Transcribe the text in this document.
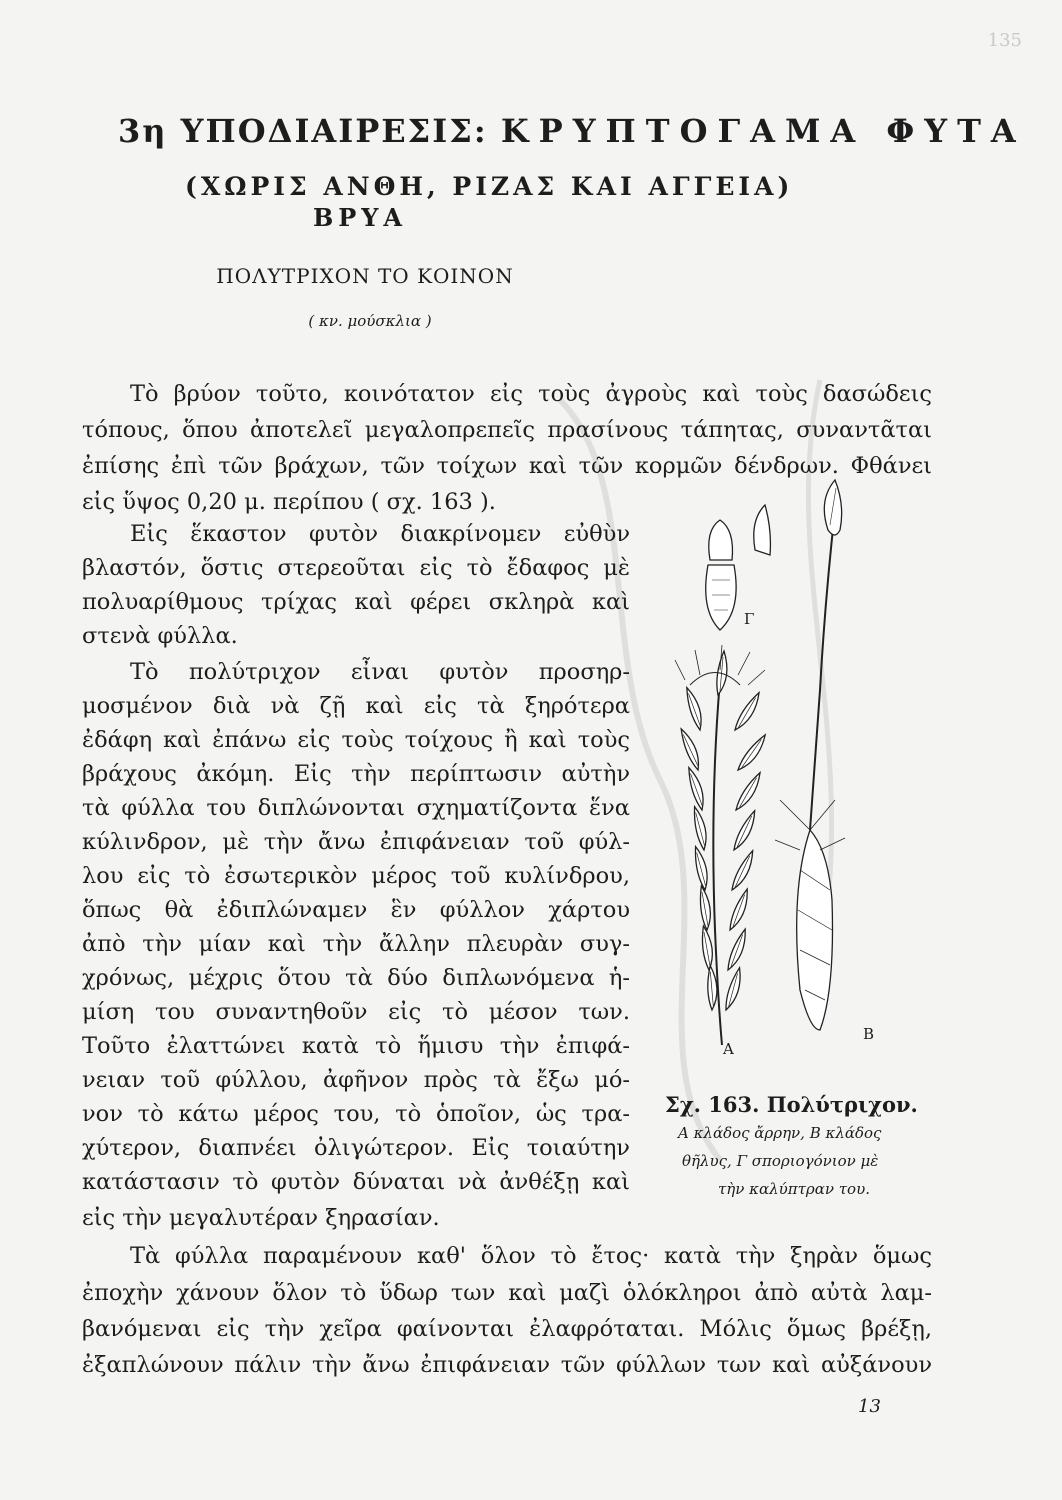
135
3η ΥΠΟΔΙΑΙΡΕΣΙΣ: ΚΡΥΠΤΟΓΑΜΑ ΦΥΤΑ
(ΧΩΡΙΣ ΑΝΘΗ, ΡΙΖΑΣ ΚΑΙ ΑΓΓΕΙΑ)
ΒΡΥΑ
ΠΟΛΥΤΡΙΧΟΝ ΤΟ ΚΟΙΝΟΝ
( κν. μούσκλια )
Τὸ βρύον τοῦτο, κοινότατον εἰς τοὺς ἀγροὺς καὶ τοὺς δασώδεις
τόπους, ὅπου ἀποτελεῖ μεγαλοπρεπεῖς πρασίνους τάπητας, συναντᾶται
ἐπίσης ἐπὶ τῶν βράχων, τῶν τοίχων καὶ τῶν κορμῶν δένδρων. Φθάνει
εἰς ὕψος 0,20 μ. περίπου ( σχ. 163 ).
Εἰς ἕκαστον φυτὸν διακρίνομεν εὐθὺν
βλαστόν, ὅστις στερεοῦται εἰς τὸ ἔδαφος μὲ
πολυαρίθμους τρίχας καὶ φέρει σκληρὰ καὶ
στενὰ φύλλα.
Τὸ πολύτριχον εἶναι φυτὸν προσηρ-
μοσμένον διὰ νὰ ζῇ καὶ εἰς τὰ ξηρότερα
ἐδάφη καὶ ἐπάνω εἰς τοὺς τοίχους ἢ καὶ τοὺς
βράχους ἀκόμη. Εἰς τὴν περίπτωσιν αὐτὴν
τὰ φύλλα του διπλώνονται σχηματίζοντα ἕνα
κύλινδρον, μὲ τὴν ἄνω ἐπιφάνειαν τοῦ φύλ-
λου εἰς τὸ ἐσωτερικὸν μέρος τοῦ κυλίνδρου,
ὅπως θὰ ἐδιπλώναμεν ἓν φύλλον χάρτου
ἀπὸ τὴν μίαν καὶ τὴν ἄλλην πλευρὰν συγ-
χρόνως, μέχρις ὅτου τὰ δύο διπλωνόμενα ἡ-
μίση του συναντηθοῦν εἰς τὸ μέσον των.
Τοῦτο ἐλαττώνει κατὰ τὸ ἥμισυ τὴν ἐπιφά-
νειαν τοῦ φύλλου, ἀφῆνον πρὸς τὰ ἔξω μό-
νον τὸ κάτω μέρος του, τὸ ὁποῖον, ὡς τρα-
χύτερον, διαπνέει ὀλιγώτερον. Εἰς τοιαύτην
κατάστασιν τὸ φυτὸν δύναται νὰ ἀνθέξῃ καὶ
εἰς τὴν μεγαλυτέραν ξηρασίαν.
Τὰ φύλλα παραμένουν καθ' ὅλον τὸ ἔτος· κατὰ τὴν ξηρὰν ὅμως
ἐποχὴν χάνουν ὅλον τὸ ὕδωρ των καὶ μαζὶ ὁλόκληροι ἀπὸ αὐτὰ λαμ-
βανόμεναι εἰς τὴν χεῖρα φαίνονται ἐλαφρόταται. Μόλις ὅμως βρέξῃ,
ἐξαπλώνουν πάλιν τὴν ἄνω ἐπιφάνειαν τῶν φύλλων των καὶ αὐξάνουν
Γ
A
B
Σχ. 163. Πολύτριχον.
Α κλάδος ἄρρην, Β κλάδος
θῆλυς, Γ σποριογόνιον μὲ
τὴν καλύπτραν του.
13
